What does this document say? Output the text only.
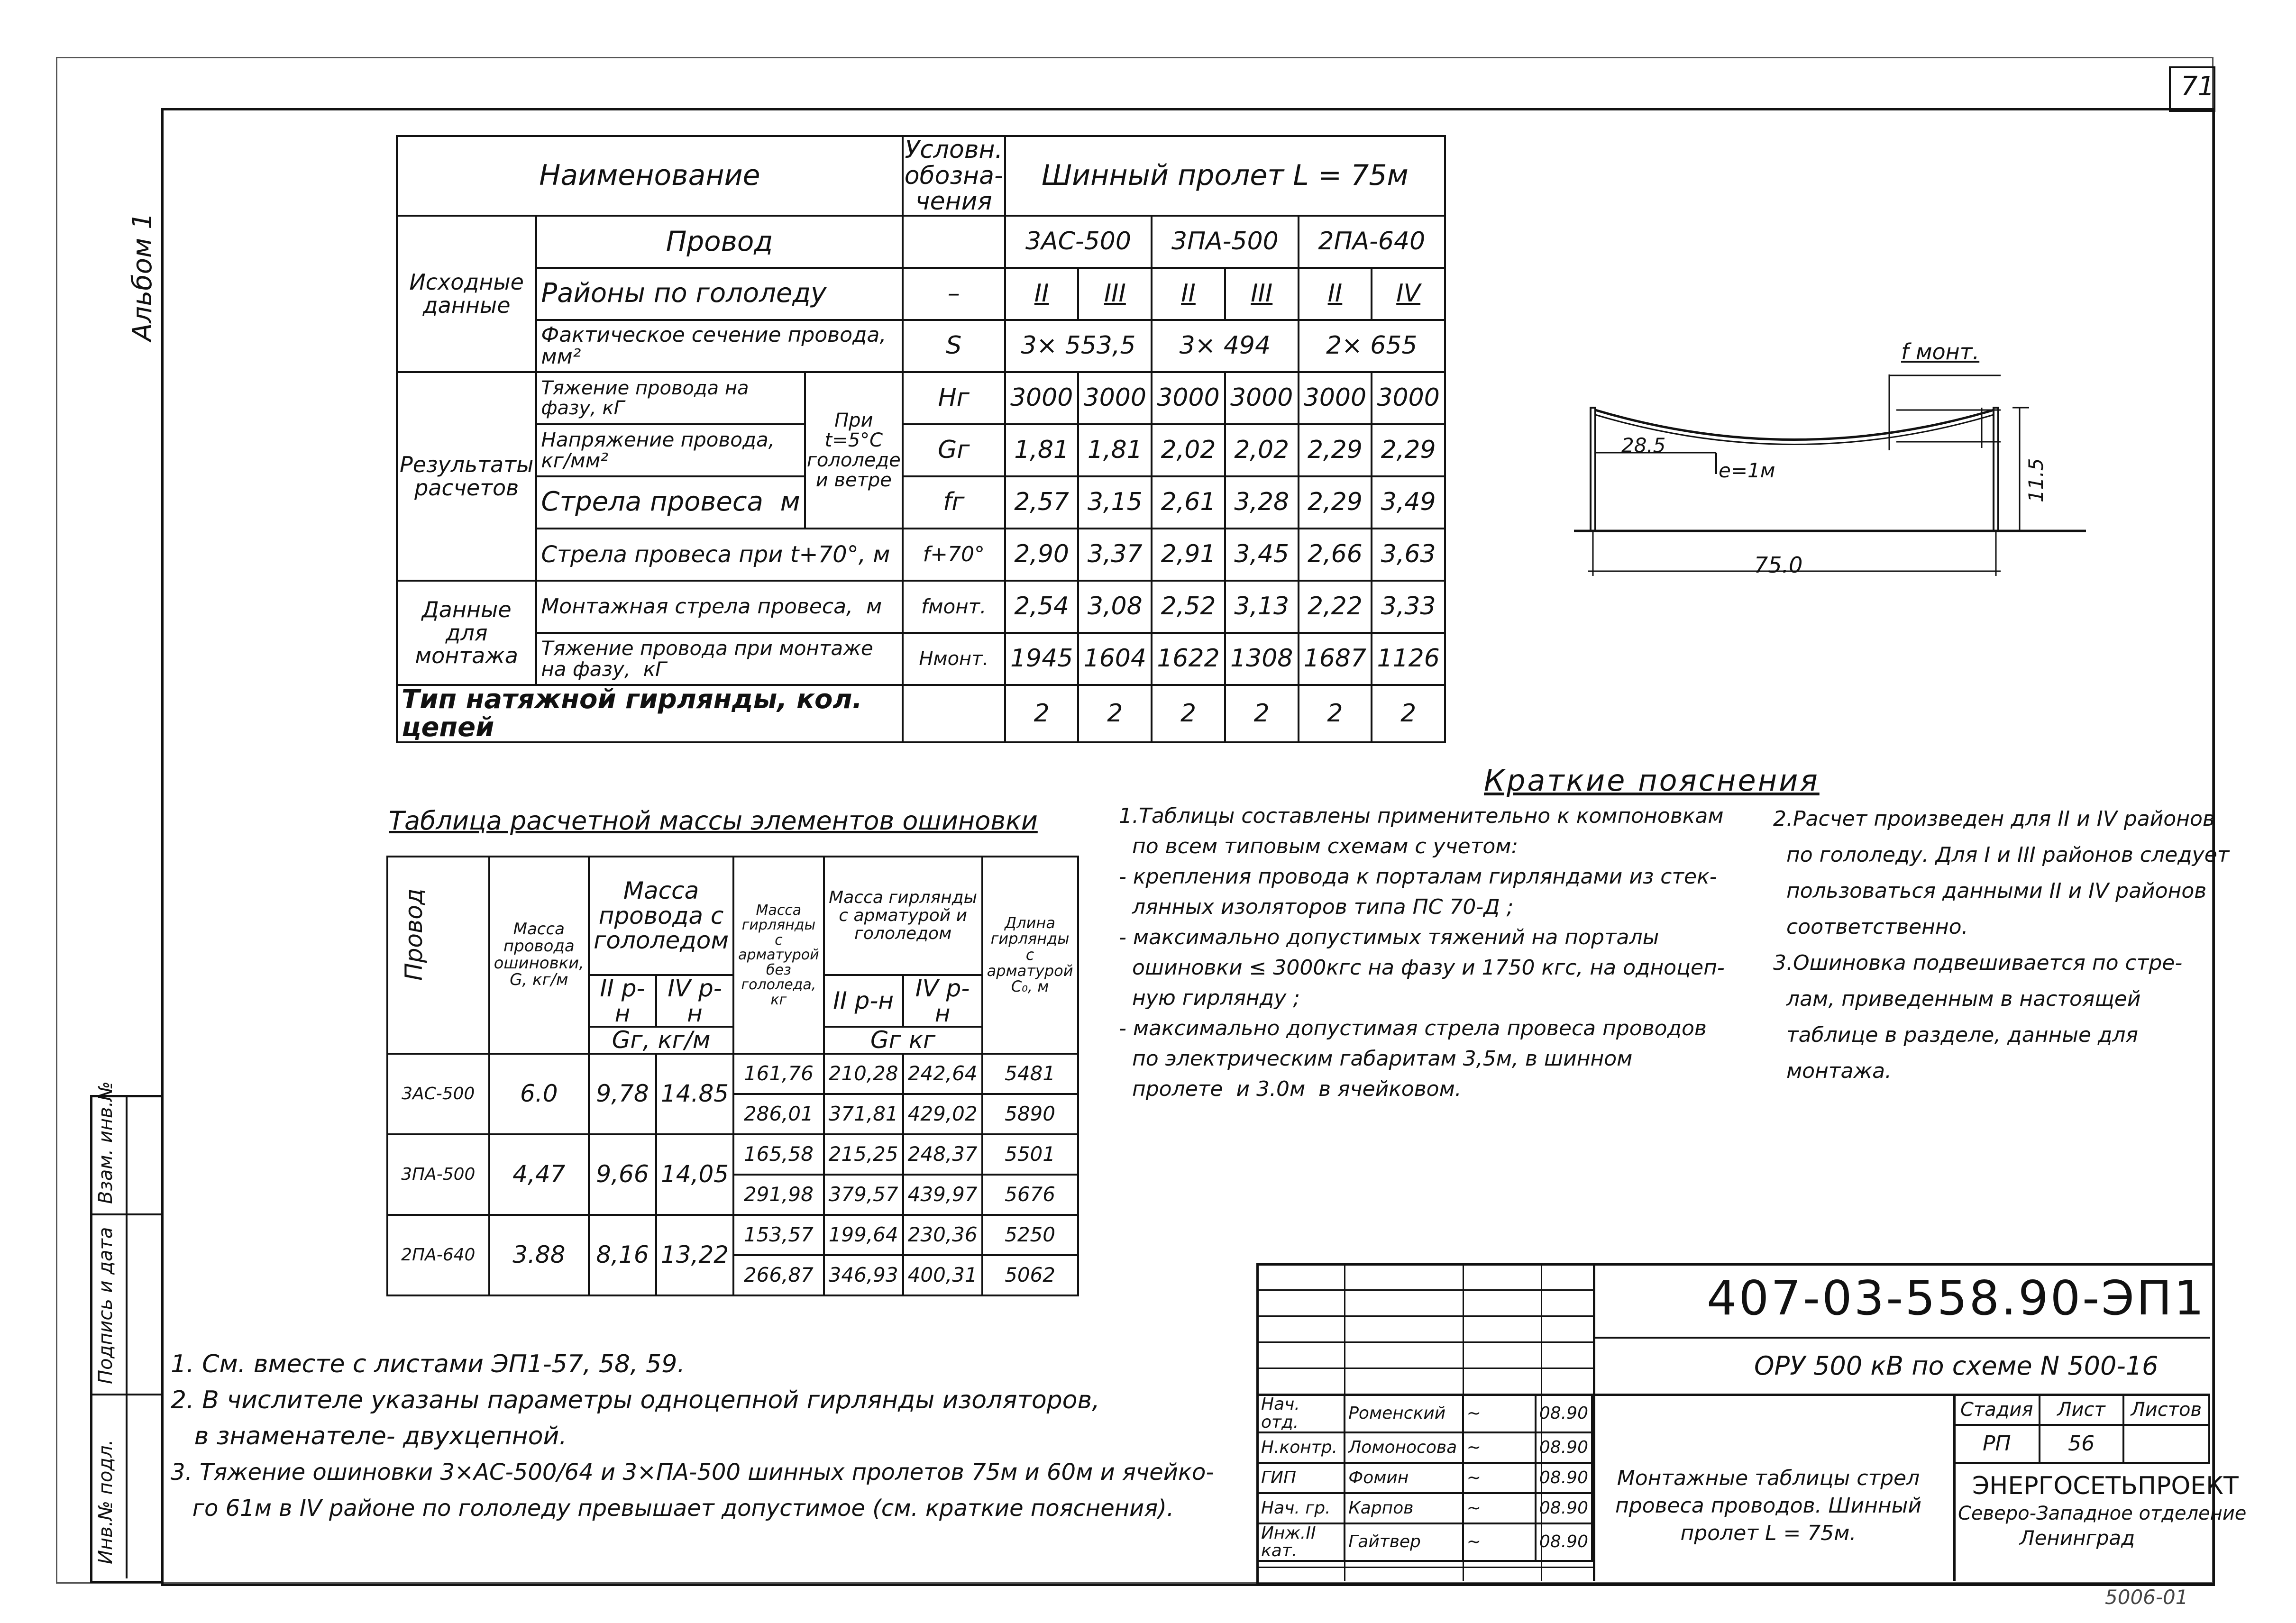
71
Альбом 1
Инв.№ подл.
Подпись и дата
Взам. инв.№
Наименование			Условн. обозна- чения	Шинный пролет L = 75м					
Исходные данные	Провод			3АС-500		3ПА-500		2ПА-640	
	Районы по гололеду		–	II	III	II	III	II	IV
	Фактическое сечение провода, мм²		S	3× 553,5		3× 494		2× 655	
Результаты расчетов	Тяжение провода на фазу, кГ	При t=5°С гололеде и ветре	Hг	3000	3000	3000	3000	3000	3000
	Напряжение провода, кг/мм²		Gг	1,81	1,81	2,02	2,02	2,29	2,29
	Стрела провеса  м		fг	2,57	3,15	2,61	3,28	2,29	3,49
	Стрела провеса при t+70°, м		f+70°	2,90	3,37	2,91	3,45	2,66	3,63
Данные для монтажа	Монтажная стрела провеса,  м		fмонт.	2,54	3,08	2,52	3,13	2,22	3,33
	Тяжение провода при монтаже на фазу,  кГ		Hмонт.	1945	1604	1622	1308	1687	1126
Тип натяжной гирлянды, кол. цепей				2	2	2	2	2	2
f монт.
28.5
е=1м	11.5
75.0
Краткие пояснения
1.Таблицы составлены применительно к компоновкам
по всем типовым схемам с учетом:
- крепления провода к порталам гирляндами из стек-
лянных изоляторов типа ПС 70-Д ;
- максимально допустимых тяжений на порталы
ошиновки ≤ 3000кгс на фазу и 1750 кгс, на одноцеп-
ную гирлянду ;
- максимально допустимая стрела провеса проводов
по электрическим габаритам 3,5м, в шинном
пролете  и 3.0м  в ячейковом.
2.Расчет произведен для II и IV районов
по гололеду. Для I и III районов следует
пользоваться данными II и IV районов
соответственно.
3.Ошиновка подвешивается по стре-
лам, приведенным в настоящей
таблице в разделе, данные для
монтажа.
Таблица расчетной массы элементов ошиновки
Провод	Масса провода ошиновки, G, кг/м	Масса провода с гололедом		Масса гирлянды с арматурой без гололеда, кг	Масса гирлянды с арматурой и гололедом		Длина гирлянды с арматурой С₀, м
		II р-н	IV р-н		II р-н	IV р-н	
		Gг, кг/м			Gг кг		
3АС-500	6.0	9,78	14.85	161,76	210,28	242,64	5481
				286,01	371,81	429,02	5890
3ПА-500	4,47	9,66	14,05	165,58	215,25	248,37	5501
				291,98	379,57	439,97	5676
2ПА-640	3.88	8,16	13,22	153,57	199,64	230,36	5250
				266,87	346,93	400,31	5062
1. См. вместе с листами ЭП1-57, 58, 59.
2. В числителе указаны параметры одноцепной гирлянды изоляторов,
в знаменателе- двухцепной.
3. Тяжение ошиновки 3×АС-500/64 и 3×ПА-500 шинных пролетов 75м и 60м и ячейко-
го 61м в IV районе по гололеду превышает допустимое (см. краткие пояснения).
407-03-558.90-ЭП1
ОРУ 500 кВ по схеме N 500-16
Нач. отд.	Роменский	~	08.90
Н.контр.	Ломоносова	~	08.90
ГИП	Фомин	~	08.90
Нач. гр.	Карпов	~	08.90
Инж.II кат.	Гайтвер	~	08.90
Монтажные таблицы стрел провеса проводов. Шинный пролет L = 75м.
Стадия	Лист	Листов
РП	56	
ЭНЕРГОСЕТЬПРОЕКТ
Северо-Западное отделение
Ленинград
5006-01
